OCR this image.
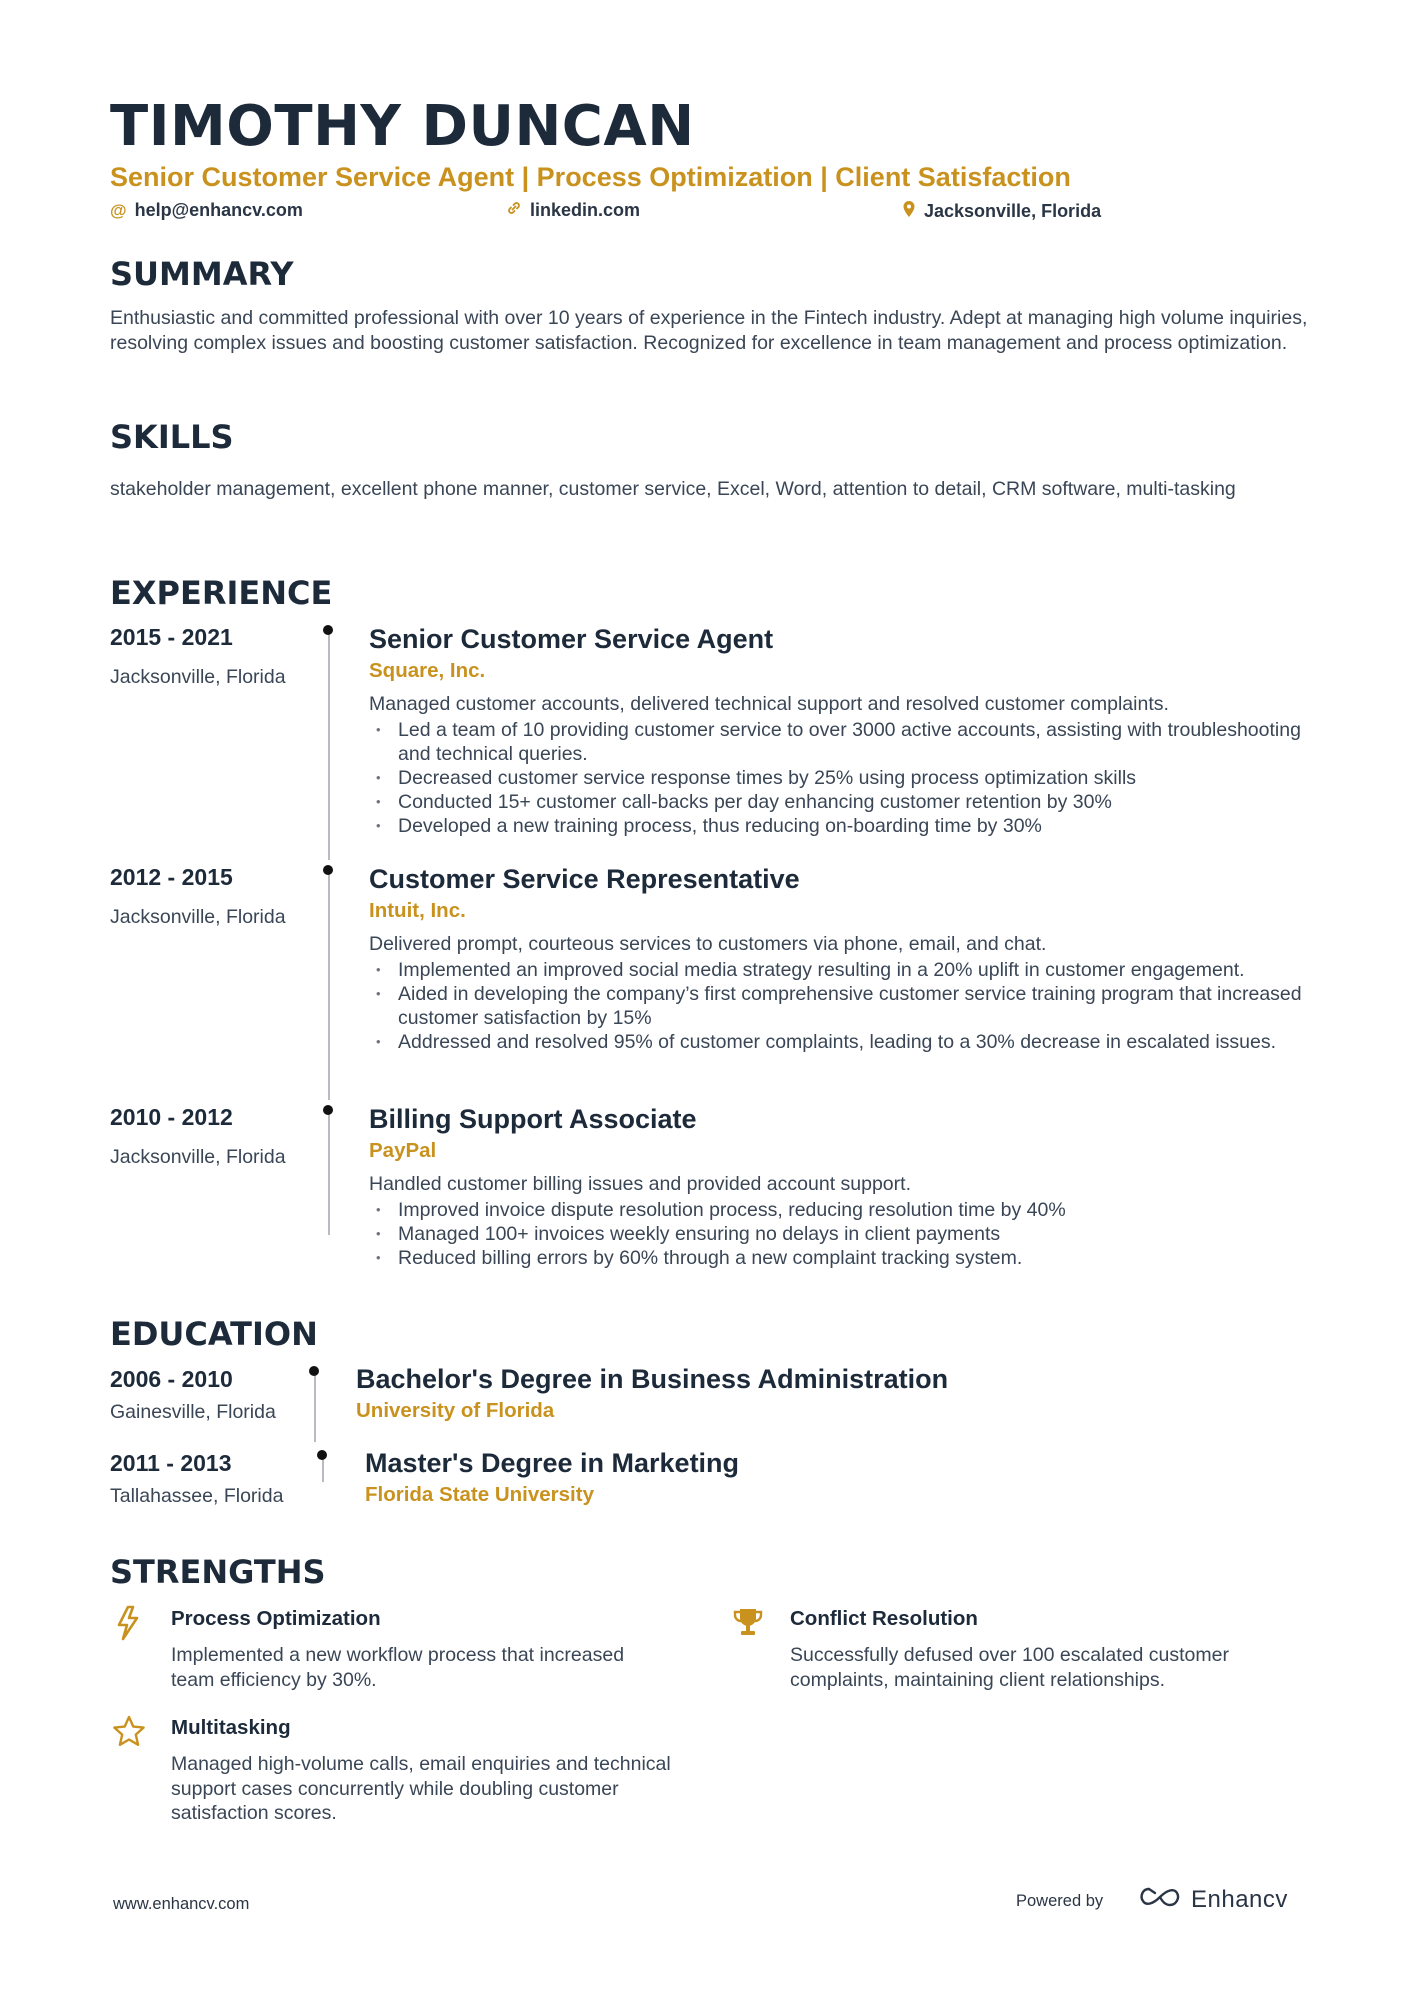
TIMOTHY DUNCAN

Senior Customer Service Agent | Process Optimization | Client Satisfaction

@ help@enhancv.com	linkedin.com	Jacksonville, Florida
SUMMARY

Enthusiastic and committed professional with over 10 years of experience in the Fintech industry. Adept at managing high volume inquiries, resolving complex issues and boosting customer satisfaction. Recognized for excellence in team management and process optimization.

SKILLS

stakeholder management, excellent phone manner, customer service, Excel, Word, attention to detail, CRM software, multi-tasking

EXPERIENCE
2015 - 2021
Jacksonville, Florida
Senior Customer Service Agent

Square, Inc.

Managed customer accounts, delivered technical support and resolved customer complaints.

• Led a team of 10 providing customer service to over 3000 active accounts, assisting with troubleshooting and technical queries.
• Decreased customer service response times by 25% using process optimization skills
• Conducted 15+ customer call-backs per day enhancing customer retention by 30%
• Developed a new training process, thus reducing on-boarding time by 30%
2012 - 2015
Jacksonville, Florida
Customer Service Representative

Intuit, Inc.

Delivered prompt, courteous services to customers via phone, email, and chat.

• Implemented an improved social media strategy resulting in a 20% uplift in customer engagement.
• Aided in developing the company’s first comprehensive customer service training program that increased customer satisfaction by 15%
• Addressed and resolved 95% of customer complaints, leading to a 30% decrease in escalated issues.
2010 - 2012
Jacksonville, Florida
Billing Support Associate

PayPal

Handled customer billing issues and provided account support.

• Improved invoice dispute resolution process, reducing resolution time by 40%
• Managed 100+ invoices weekly ensuring no delays in client payments
• Reduced billing errors by 60% through a new complaint tracking system.
EDUCATION
2006 - 2010
Gainesville, Florida
Bachelor's Degree in Business Administration

University of Florida

2011 - 2013
Tallahassee, Florida
Master's Degree in Marketing

Florida State University

STRENGTHS

Process Optimization

Implemented a new workflow process that increased team efficiency by 30%.

Conflict Resolution

Successfully defused over 100 escalated customer complaints, maintaining client relationships.

Multitasking

Managed high-volume calls, email enquiries and technical support cases concurrently while doubling customer satisfaction scores.

www.enhancv.com	Powered by	Enhancv
